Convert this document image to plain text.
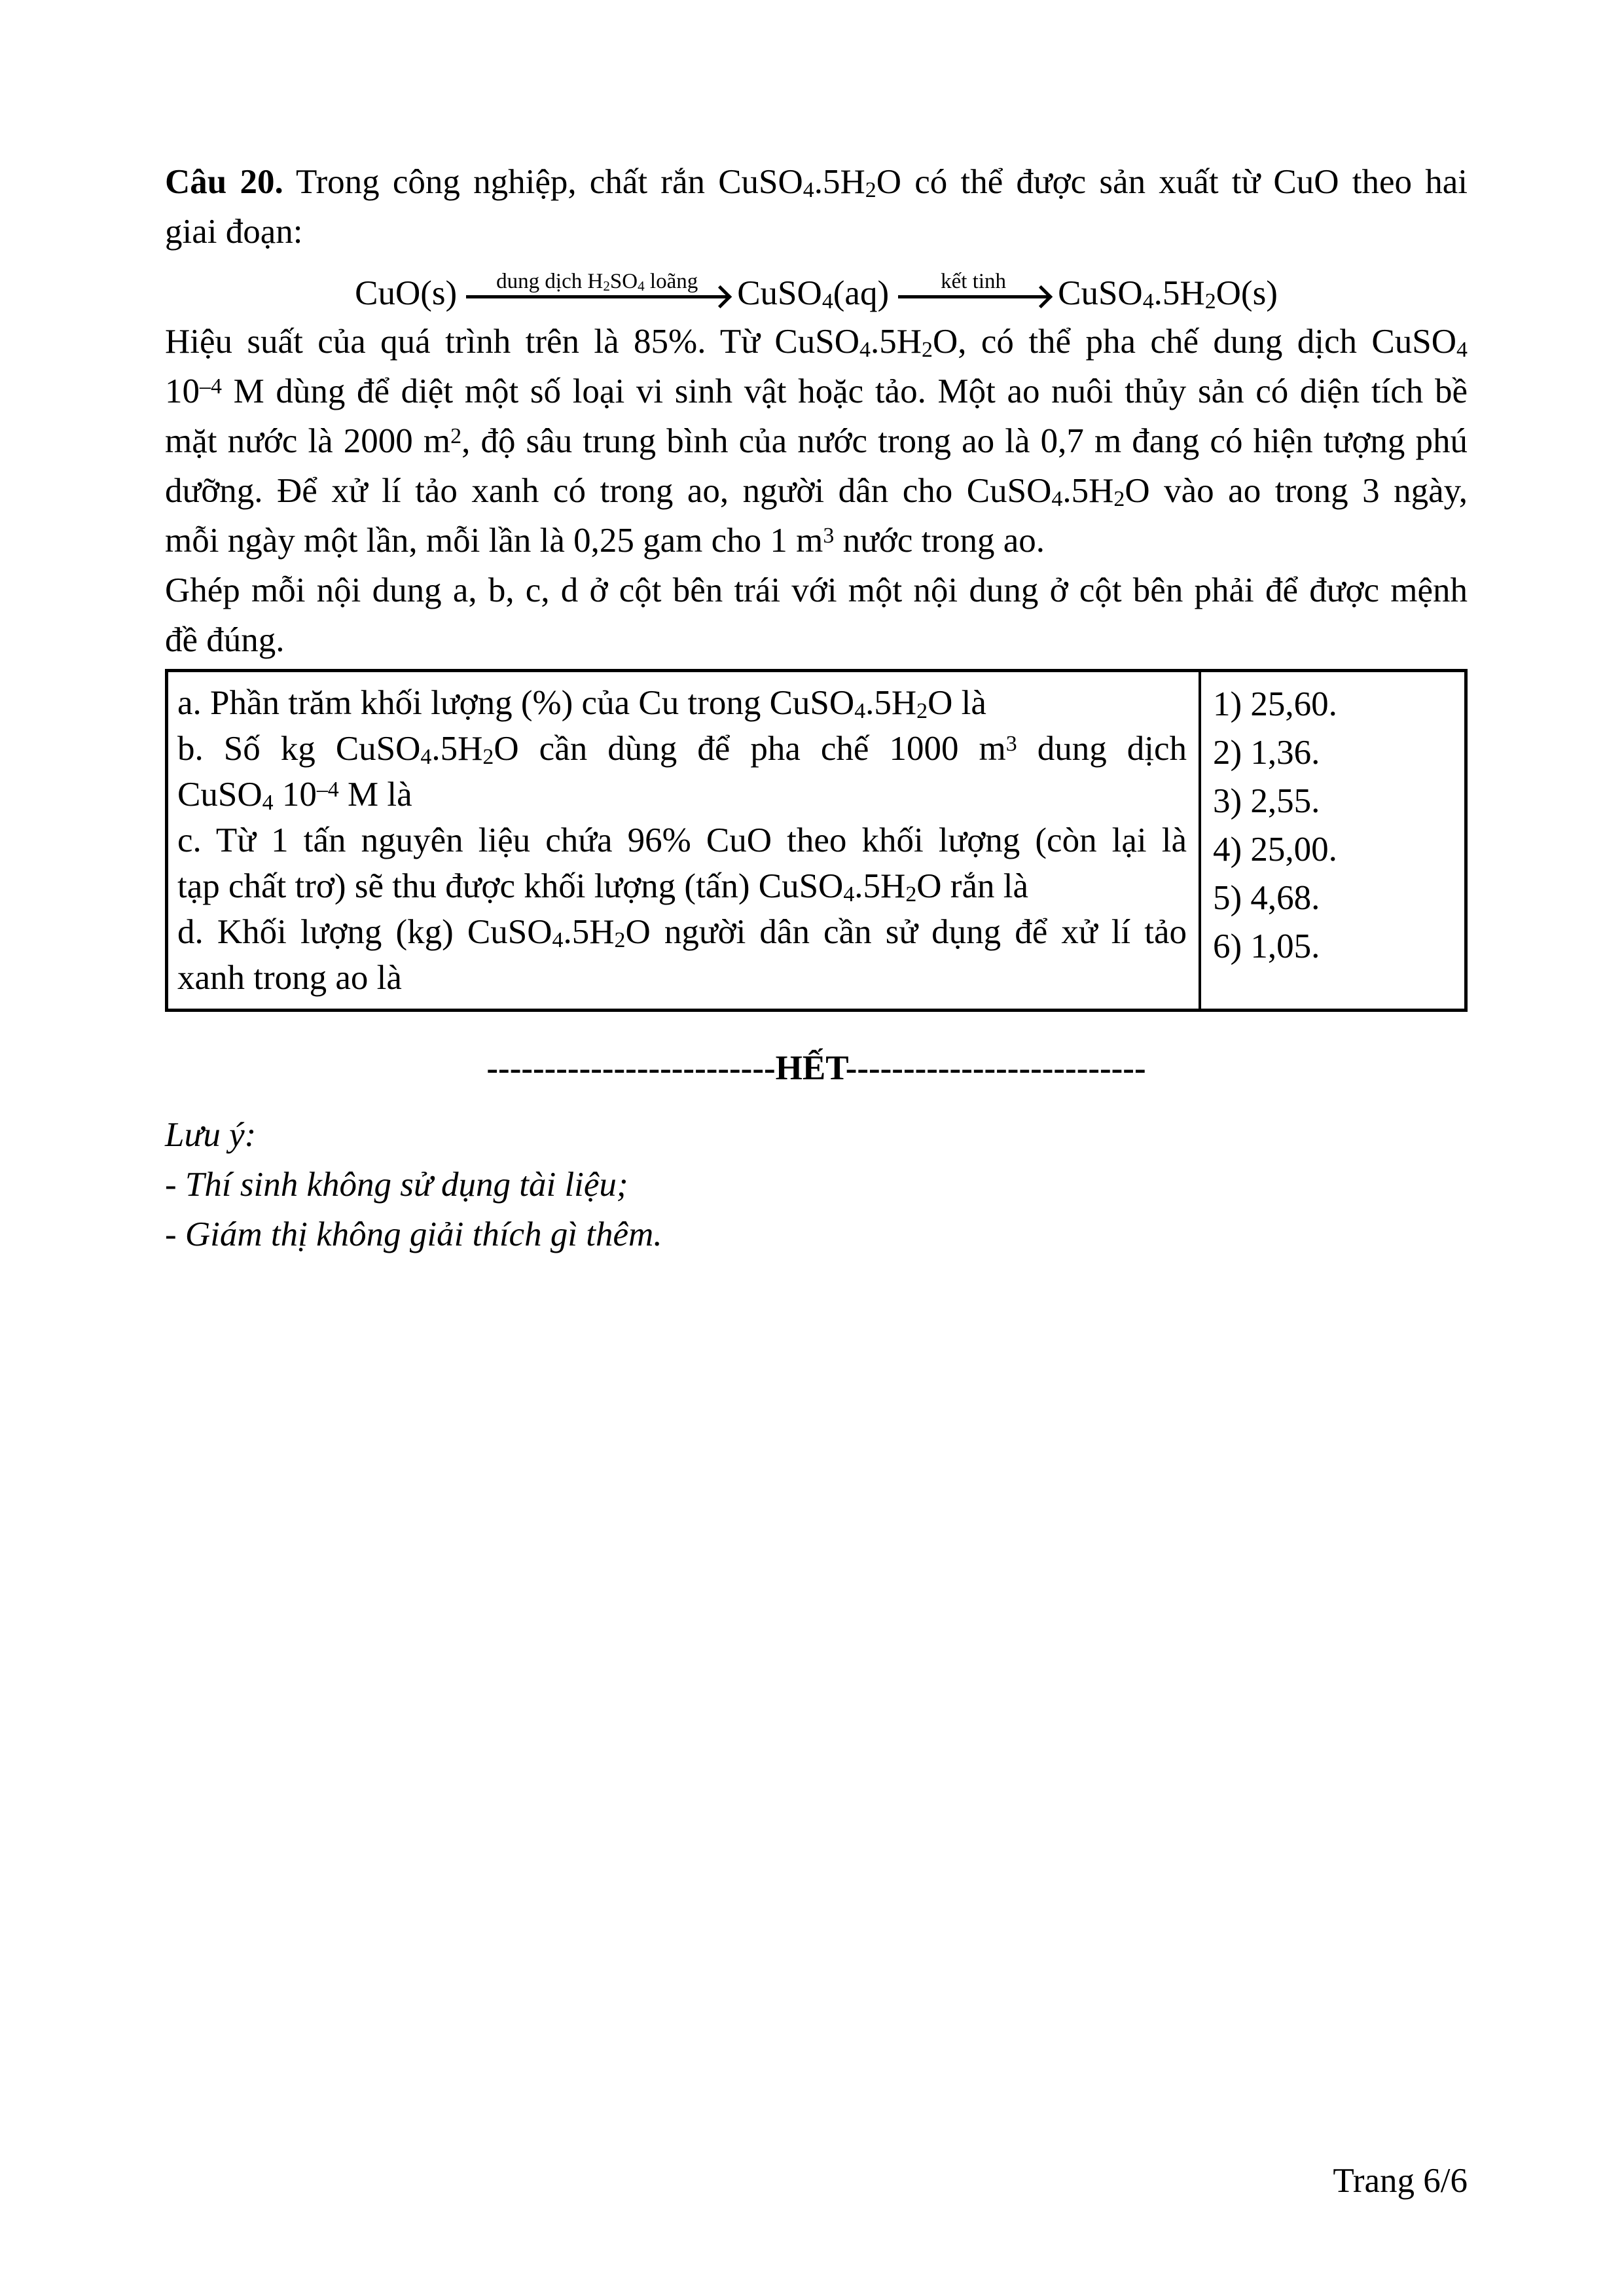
Câu 20. Trong công nghiệp, chất rắn $CuSO_4.5H_2O$ có thể được sản xuất từ CuO theo hai
giai đoạn:
CuO(s) dung dịch $H_2SO_4$ loãng CuSO$_4$(aq) kết tinh $CuSO_4.5H_2O(s)$
Hiệu suất của quá trình trên là 85%. Từ $CuSO_4.5H_2O$, có thể pha chế dung dịch CuSO$_4$
$10^{-4}$ M dùng để diệt một số loại vi sinh vật hoặc tảo. Một ao nuôi thủy sản có diện tích bề
mặt nước là 2000 $m^2$, độ sâu trung bình của nước trong ao là 0,7 m đang có hiện tượng phú
dưỡng. Để xử lí tảo xanh có trong ao, người dân cho $CuSO_4.5H_2O$ vào ao trong 3 ngày,
mỗi ngày một lần, mỗi lần là 0,25 gam cho 1 $m^3$ nước trong ao.
Ghép mỗi nội dung a, b, c, d ở cột bên trái với một nội dung ở cột bên phải để được mệnh
đề đúng.
a. Phần trăm khối lượng (%) của Cu trong $CuSO_4.5H_2O$ là
b. Số kg $CuSO_4.5H_2O$ cần dùng để pha chế 1000 $m^3$ dung dịch
CuSO$_4$ $10^{-4}$ M là
c. Từ 1 tấn nguyên liệu chứa 96% CuO theo khối lượng (còn lại là
tạp chất trơ) sẽ thu được khối lượng (tấn) $CuSO_4.5H_2O$ rắn là
d. Khối lượng (kg) $CuSO_4.5H_2O$ người dân cần sử dụng để xử lí tảo
xanh trong ao là
1) 25,60.
2) 1,36.
3) 2,55.
4) 25,00.
5) 4,68.
6) 1,05.
-------------------------HẾT--------------------------
Lưu ý:
- Thí sinh không sử dụng tài liệu;
- Giám thị không giải thích gì thêm.
Trang 6/6
